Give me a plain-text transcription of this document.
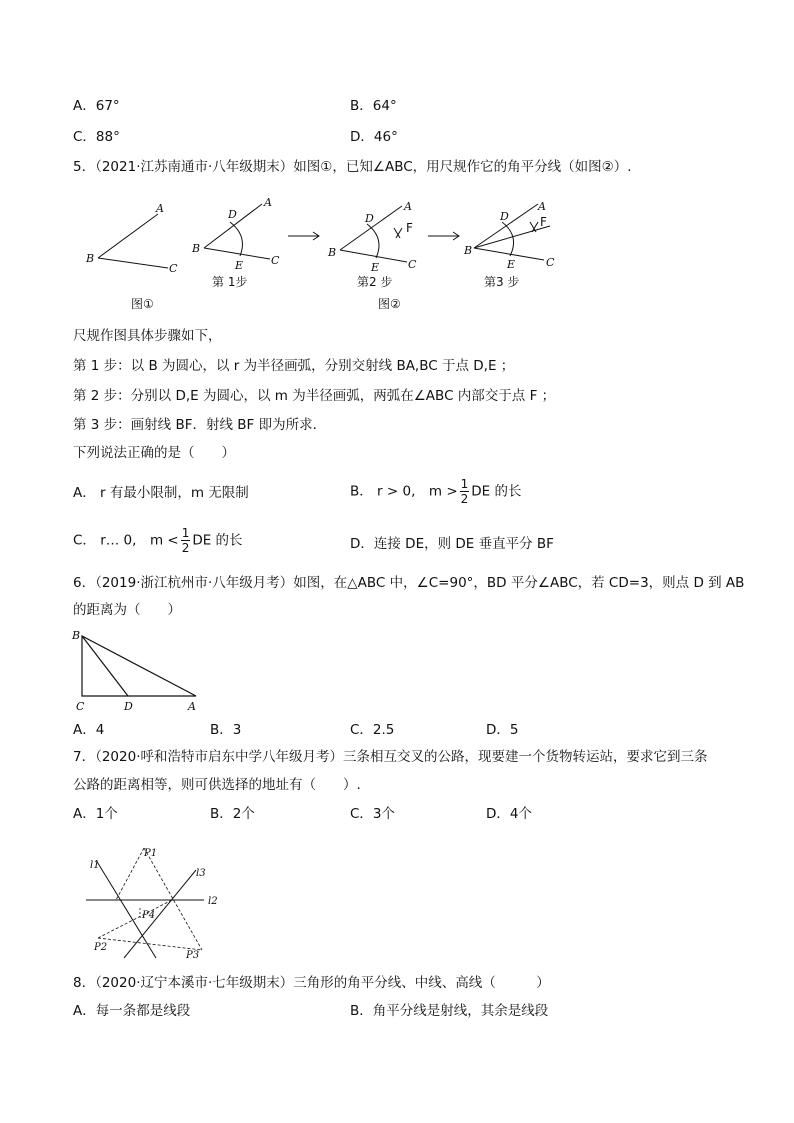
A．67°	B．64°
C．88°	D．46°
5．（2021·江苏南通市·八年级期末）如图①，已知∠ABC，用尺规作它的角平分线（如图②）.
A
B
C
图①
A
B
C
D
E
第 1步
A
B
C
D
E
F
第2 步
图②
A
B
C
D
E
F
第3 步
尺规作图具体步骤如下，
第 1 步：以 B 为圆心，以 r 为半径画弧，分别交射线 BA,BC 于点 D,E ；
第 2 步：分别以 D,E 为圆心，以 m 为半径画弧，两弧在∠ABC 内部交于点 F ；
第 3 步：画射线 BF．射线 BF 即为所求．
下列说法正确的是（　　）
A． r 有最小限制，m 无限制	B． r > 0,　$m > \frac{1}{2}$ DE 的长
C． r… 0,　$m < \frac{1}{2}$ DE 的长	D．连接 DE，则 DE 垂直平分 BF
6．（2019·浙江杭州市·八年级月考）如图，在△ABC 中，∠C=90°，BD 平分∠ABC，若 CD=3，则点 D 到 AB
的距离为（　　）
B
C	D	A
A．4	B．3	C．2.5	D．5
7．（2020·呼和浩特市启东中学八年级月考）三条相互交叉的公路，现要建一个货物转运站，要求它到三条
公路的距离相等，则可供选择的地址有（　　）.
A．1个	B．2个	C．3个	D．4个
l1
l2
l3
P1
P2
P3
P4
8．（2020·辽宁本溪市·七年级期末）三角形的角平分线、中线、高线（　　　）
A．每一条都是线段	B．角平分线是射线，其余是线段
